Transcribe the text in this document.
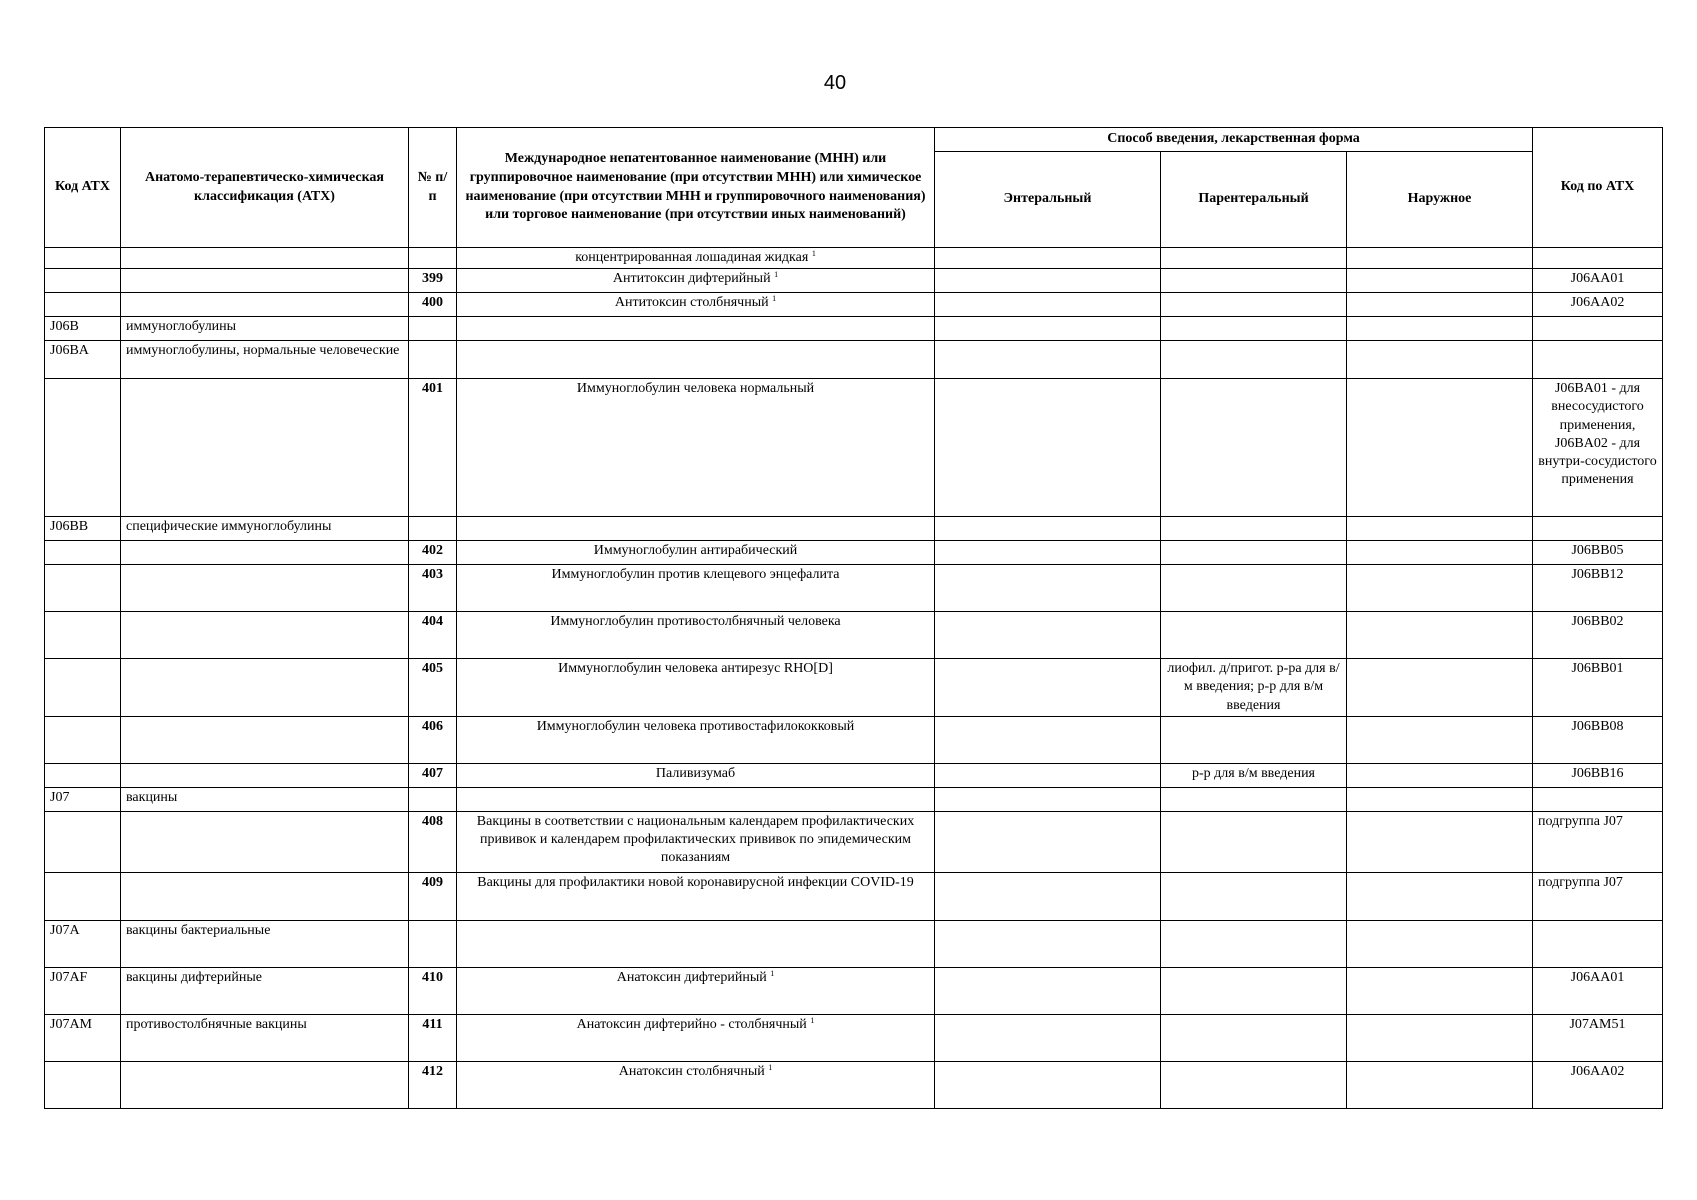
40
Код АТХ	Анатомо-терапевтическо-химическая классификация (АТХ)	№ п/п	Международное непатентованное наименование (МНН) или группировочное наименование (при отсутствии МНН) или химическое наименование (при отсутствии МНН и группировочного наименования) или торговое наименование (при отсутствии иных наименований)	Способ введения, лекарственная форма			Код по АТХ
				Энтеральный	Парентеральный	Наружное	
			концентрированная лошадиная жидкая $^1$				
		399	Антитоксин дифтерийный $^1$				J06AA01
		400	Антитоксин столбнячный $^1$				J06AA02
J06B	иммуноглобулины						
J06BA	иммуноглобулины, нормальные человеческие						
		401	Иммуноглобулин человека нормальный				J06BA01 - для внесосудистого применения, J06BA02 - для внутри-сосудистого применения
J06BB	специфические иммуноглобулины						
		402	Иммуноглобулин антирабический				J06BB05
		403	Иммуноглобулин против клещевого энцефалита				J06BB12
		404	Иммуноглобулин противостолбнячный человека				J06BB02
		405	Иммуноглобулин человека антирезус RHO[D]		лиофил. д/пригот. р-ра для в/м введения; р-р для в/м введения		J06BB01
		406	Иммуноглобулин человека противостафилококковый				J06BB08
		407	Паливизумаб		р-р для в/м введения		J06BB16
J07	вакцины						
		408	Вакцины в соответствии с национальным календарем профилактических прививок и календарем профилактических прививок по эпидемическим показаниям				подгруппа J07
		409	Вакцины для профилактики новой коронавирусной инфекции COVID-19				подгруппа J07
J07A	вакцины бактериальные						
J07AF	вакцины дифтерийные	410	Анатоксин дифтерийный $^1$				J06AA01
J07AM	противостолбнячные вакцины	411	Анатоксин дифтерийно - столбнячный $^1$				J07AM51
		412	Анатоксин столбнячный $^1$				J06AA02
